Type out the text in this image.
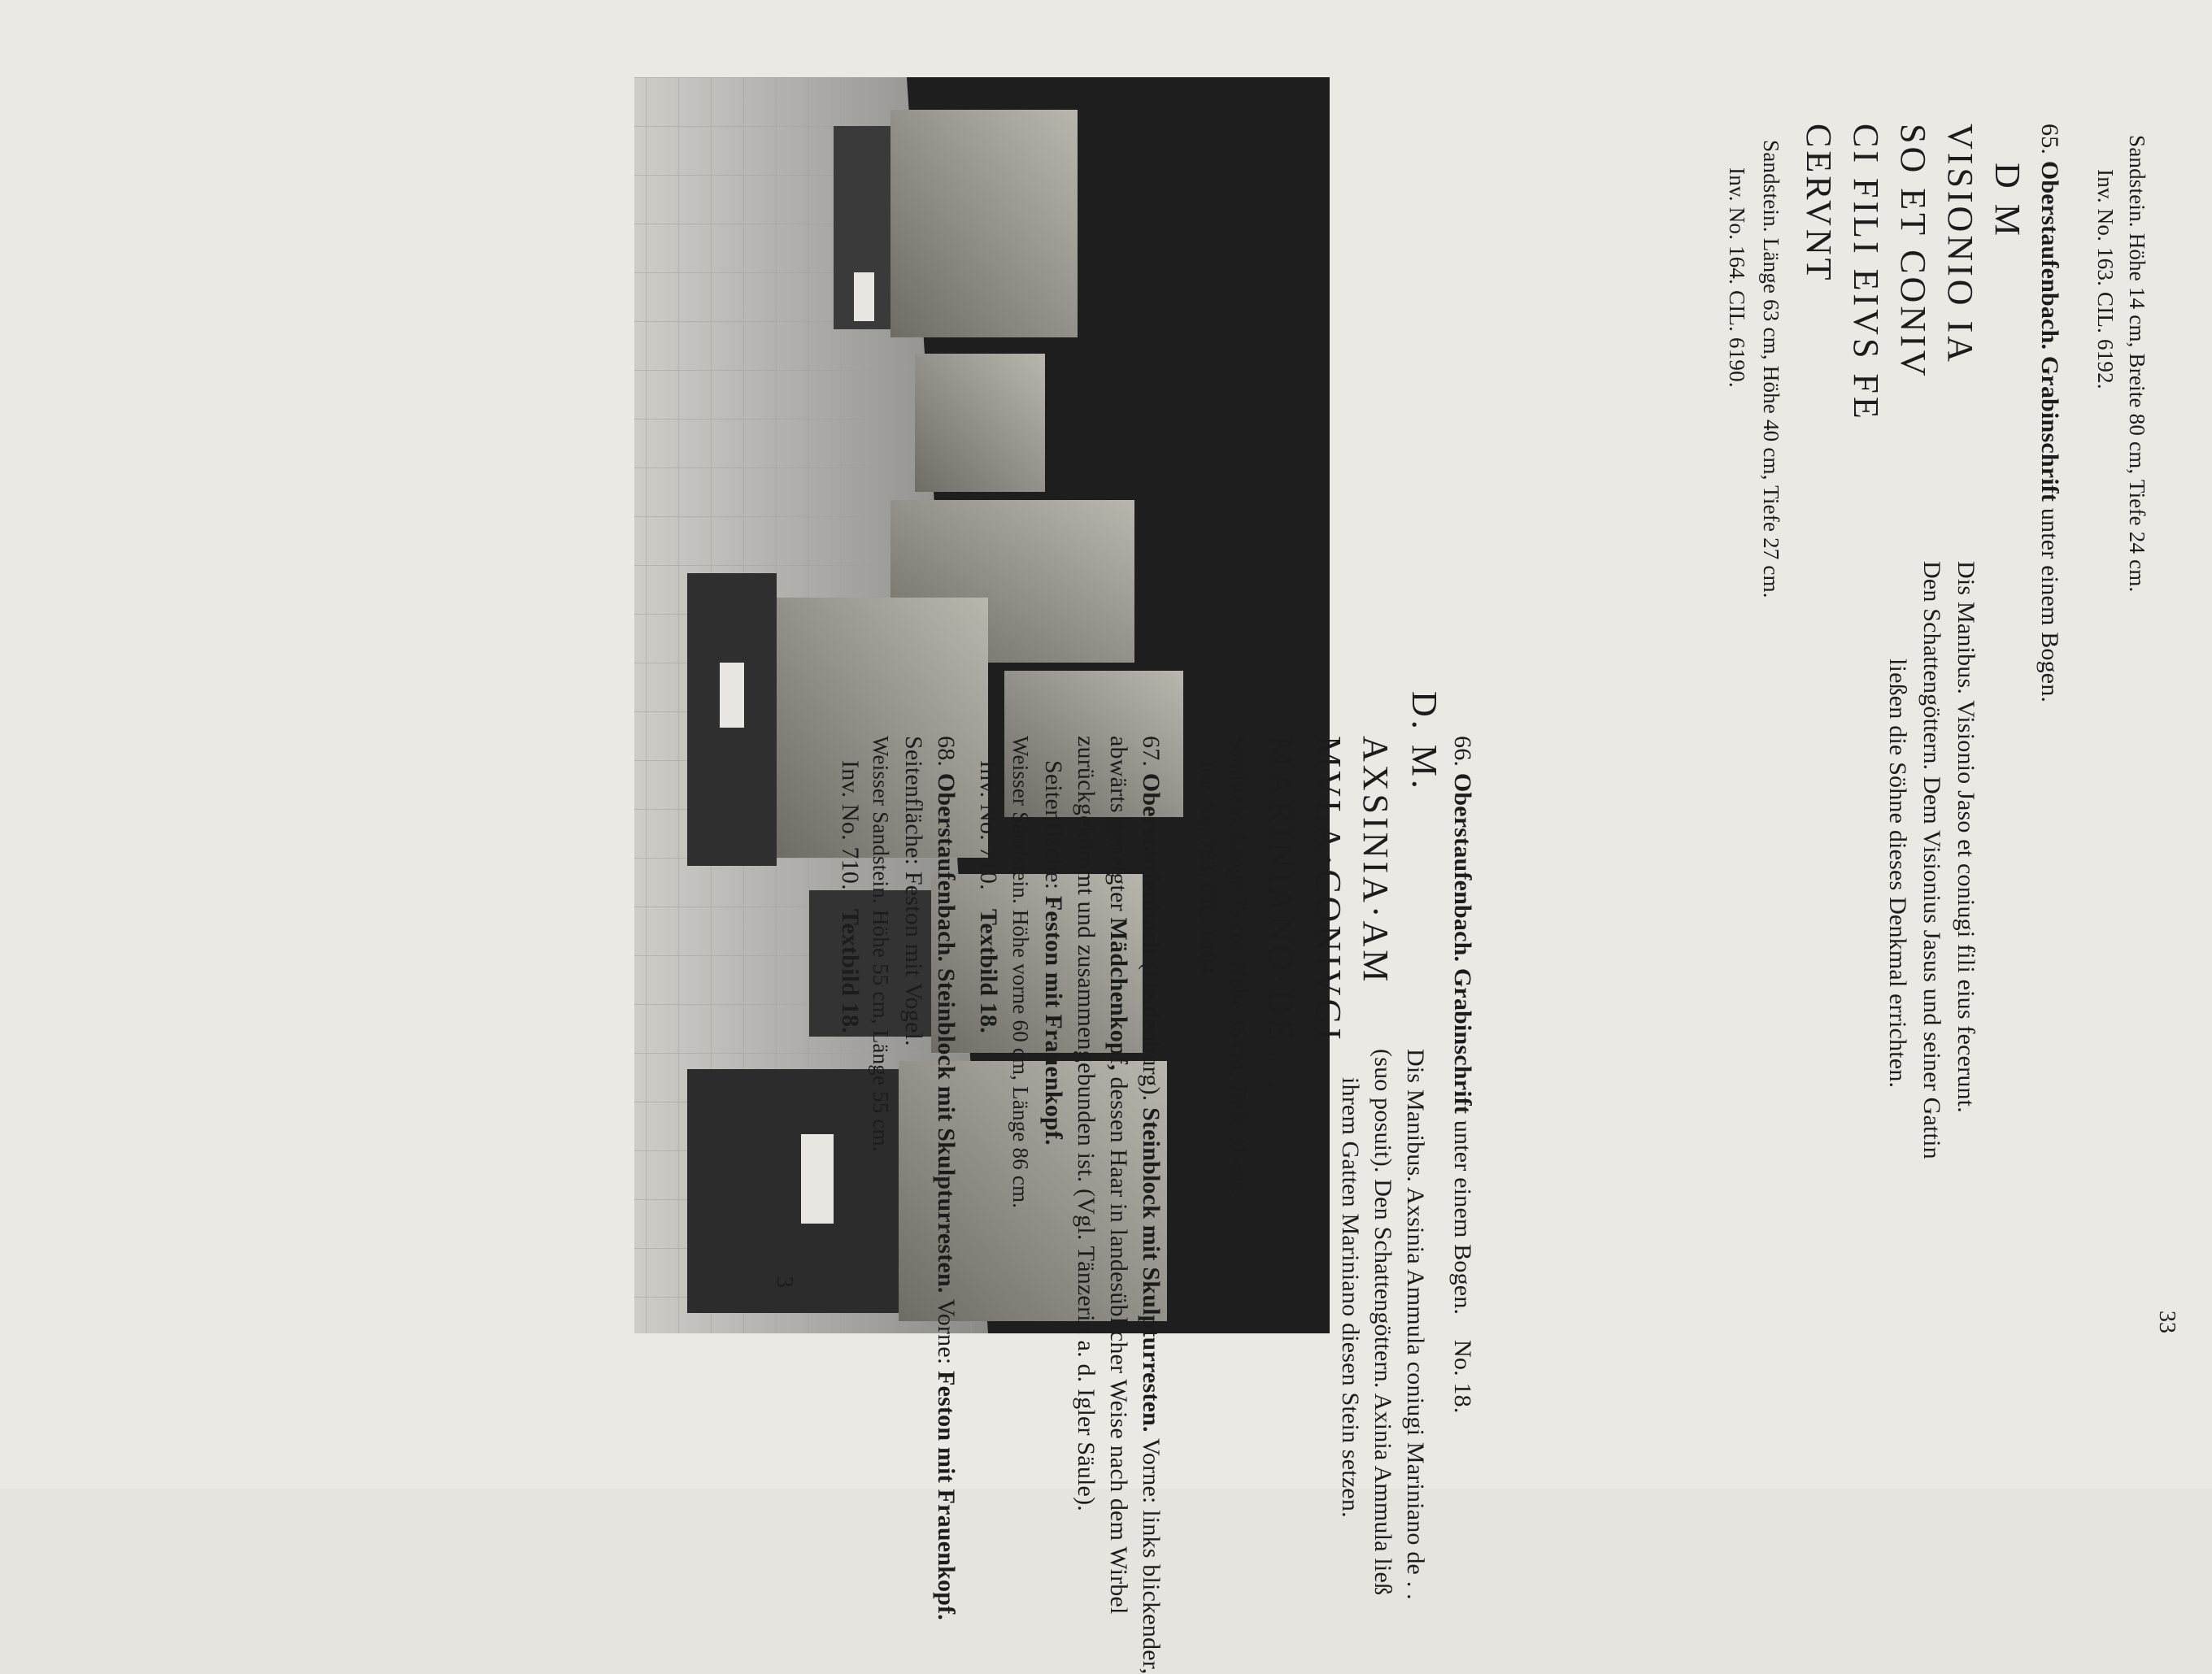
33
Sandstein. Höhe 14 cm, Breite 80 cm, Tiefe 24 cm.
Inv. No. 163. CIL. 6192.
65. Oberstaufenbach. Grabinschrift unter einem Bogen.
D M
VISIONIO IA
SO ET CONIV
CI FILI EIVS FE
CERVNT
Dis Manibus. Visionio Jaso et coniugi fili eius fecerunt.
Den Schattengöttern. Dem Visionius Jasus und seiner Gattin
ließen die Söhne dieses Denkmal errichten.
Sandstein. Länge 63 cm, Höhe 40 cm, Tiefe 27 cm.
Inv. No. 164. CIL. 6190.
No. 18.
66. Oberstaufenbach. Grabinschrift unter einem Bogen.
D. M.
AXSINIA·AM
MVLA·CONIVGI
MARINIANO·DE . .
Dis Manibus. Axsinia Ammula coniugi Mariniano de . .
(suo posuit). Den Schattengöttern. Axinia Ammula ließ
ihrem Gatten Mariniano diesen Stein setzen.
Sandstein. Länge 75 cm, Höhe 36 cm, Tiefe 31 cm.
Inv. No. 783. CIL. 6184.
67. Oberstaufenbach (Heidenburg). Steinblock mit Skulpturresten. Vorne: links blickender,
abwärts geneigter Mädchenkopf, dessen Haar in landesüblicher Weise nach dem Wirbel
zurückgekämmt und zusammengebunden ist. (Vgl. Tänzerin a. d. Igler Säule).
Seitenfläche: Feston mit Frauenkopf.
Weisser Sandstein. Höhe vorne 60 cm, Länge 86 cm.
Inv. No. 710.   Textbild 18.
68. Oberstaufenbach. Steinblock mit Skulpturresten. Vorne: Feston mit Frauenkopf.
Seitenfläche: Feston mit Vogel.
Weisser Sandstein. Höhe 55 cm, Länge 55 cm.
Inv. No. 710.   Textbild 18.
3
